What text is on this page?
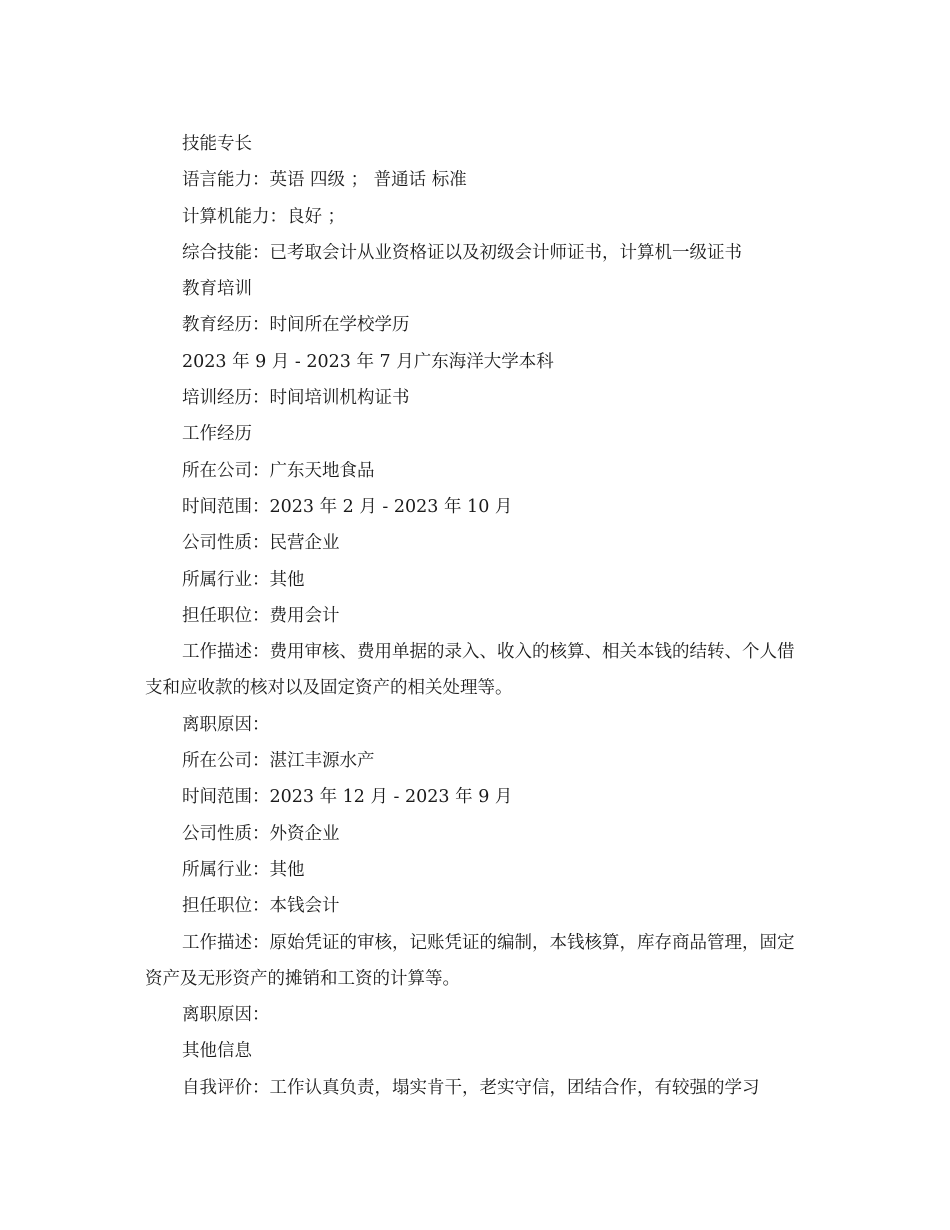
技能专长

语言能力：英语 四级 ； 普通话 标准

计算机能力：良好 ；

综合技能：已考取会计从业资格证以及初级会计师证书，计算机一级证书

教育培训

教育经历：时间所在学校学历

2023 年 9 月 - 2023 年 7 月广东海洋大学本科

培训经历：时间培训机构证书

工作经历

所在公司：广东天地食品

时间范围：2023 年 2 月 - 2023 年 10 月

公司性质：民营企业

所属行业：其他

担任职位：费用会计

工作描述：费用审核、费用单据的录入、收入的核算、相关本钱的结转、个人借支和应收款的核对以及固定资产的相关处理等。

离职原因：

所在公司：湛江丰源水产

时间范围：2023 年 12 月 - 2023 年 9 月

公司性质：外资企业

所属行业：其他

担任职位：本钱会计

工作描述：原始凭证的审核，记账凭证的编制，本钱核算，库存商品管理，固定资产及无形资产的摊销和工资的计算等。

离职原因：

其他信息

自我评价：工作认真负责，塌实肯干，老实守信，团结合作，有较强的学习
